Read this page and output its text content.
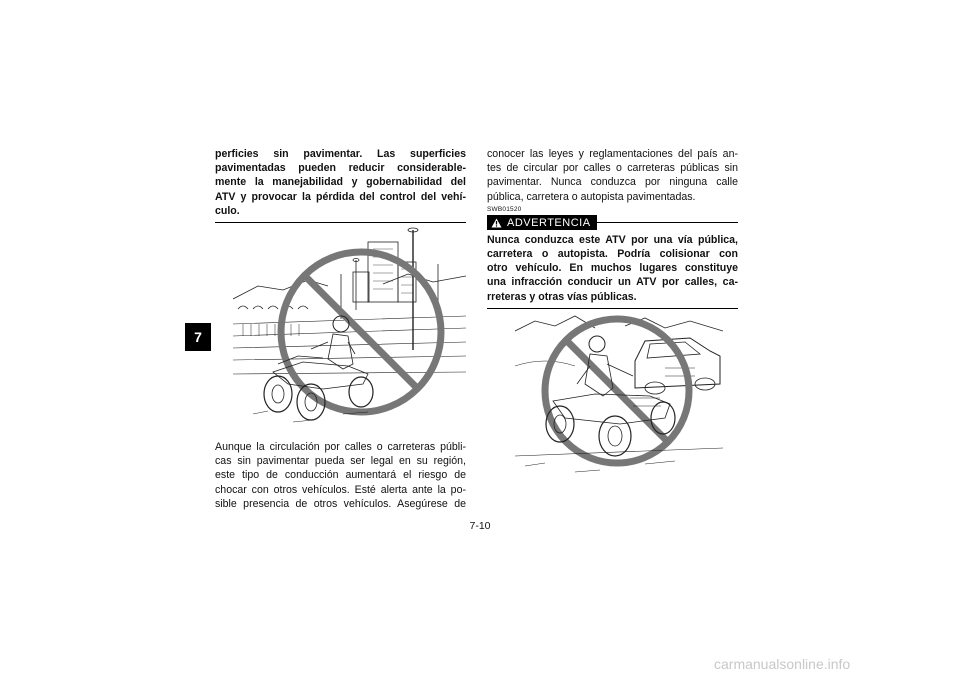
7

perficies sin pavimentar. Las superficies

pavimentadas pueden reducir considerable-

mente la manejabilidad y gobernabilidad del

ATV y provocar la pérdida del control del vehí-

culo.

Aunque la circulación por calles o carreteras públi-

cas sin pavimentar pueda ser legal en su región,

este tipo de conducción aumentará el riesgo de

chocar con otros vehículos. Esté alerta ante la po-

sible presencia de otros vehículos. Asegúrese de

conocer las leyes y reglamentaciones del país an-

tes de circular por calles o carreteras públicas sin

pavimentar. Nunca conduzca por ninguna calle

pública, carretera o autopista pavimentadas.

SWB01520

ADVERTENCIA

Nunca conduzca este ATV por una vía pública,

carretera o autopista. Podría colisionar con

otro vehículo. En muchos lugares constituye

una infracción conducir un ATV por calles, ca-

rreteras y otras vías públicas.

7-10
carmanualsonline.info
